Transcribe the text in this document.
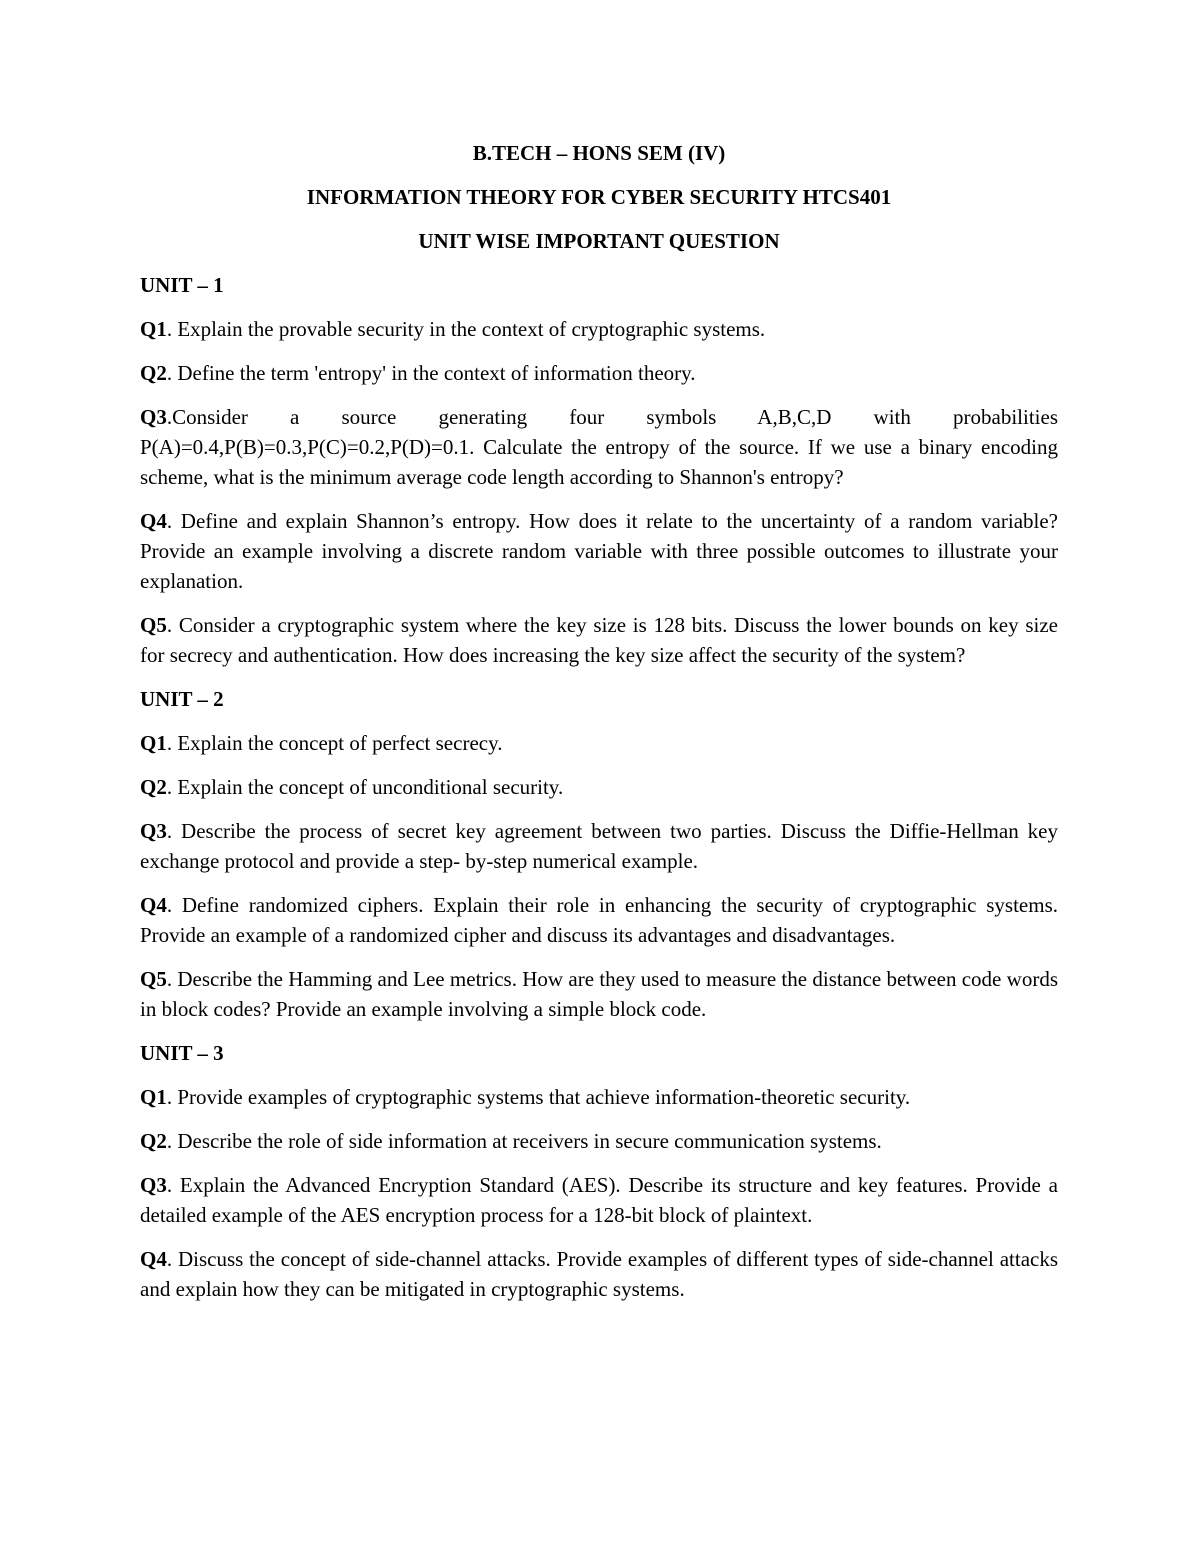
B.TECH – HONS SEM (IV)
INFORMATION THEORY FOR CYBER SECURITY HTCS401
UNIT WISE IMPORTANT QUESTION
UNIT – 1

Q1. Explain the provable security in the context of cryptographic systems.

Q2. Define the term 'entropy' in the context of information theory.

Q3.Consider a source generating four symbols A,B,C,D with probabilities P(A)=0.4,P(B)=0.3,P(C)=0.2,P(D)=0.1. Calculate the entropy of the source. If we use a binary encoding scheme, what is the minimum average code length according to Shannon's entropy?

Q4. Define and explain Shannon’s entropy. How does it relate to the uncertainty of a random variable? Provide an example involving a discrete random variable with three possible outcomes to illustrate your explanation.

Q5. Consider a cryptographic system where the key size is 128 bits. Discuss the lower bounds on key size for secrecy and authentication. How does increasing the key size affect the security of the system?

UNIT – 2

Q1. Explain the concept of perfect secrecy.

Q2. Explain the concept of unconditional security.

Q3. Describe the process of secret key agreement between two parties. Discuss the Diffie-Hellman key exchange protocol and provide a step- by-step numerical example.

Q4. Define randomized ciphers. Explain their role in enhancing the security of cryptographic systems. Provide an example of a randomized cipher and discuss its advantages and disadvantages.

Q5. Describe the Hamming and Lee metrics. How are they used to measure the distance between code words in block codes? Provide an example involving a simple block code.

UNIT – 3

Q1. Provide examples of cryptographic systems that achieve information-theoretic security.

Q2. Describe the role of side information at receivers in secure communication systems.

Q3. Explain the Advanced Encryption Standard (AES). Describe its structure and key features. Provide a detailed example of the AES encryption process for a 128-bit block of plaintext.

Q4. Discuss the concept of side-channel attacks. Provide examples of different types of side-channel attacks and explain how they can be mitigated in cryptographic systems.
